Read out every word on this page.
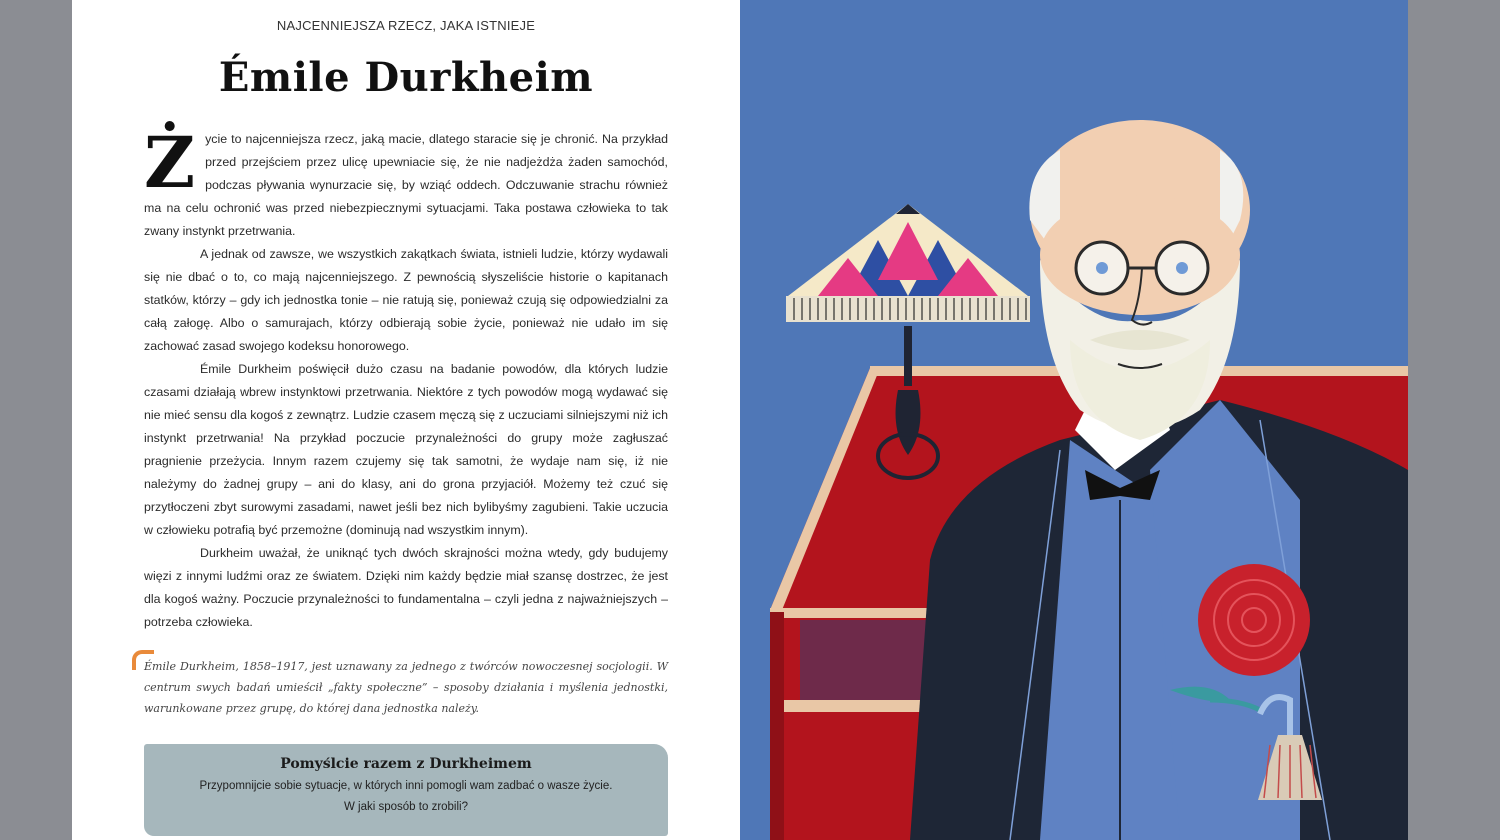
NAJCENNIEJSZA RZECZ, JAKA ISTNIEJE
Émile Durkheim

Życie to najcenniejsza rzecz, jaką macie, dlatego staracie się je chronić. Na przykład przed przejściem przez ulicę upewniacie się, że nie nadjeżdża żaden samochód, podczas pływania wynurzacie się, by wziąć oddech. Odczuwanie strachu również ma na celu ochronić was przed niebezpiecznymi sytuacjami. Taka postawa człowieka to tak zwany instynkt przetrwania.

A jednak od zawsze, we wszystkich zakątkach świata, istnieli ludzie, którzy wydawali się nie dbać o to, co mają najcenniejszego. Z pewnością słyszeliście historie o kapitanach statków, którzy – gdy ich jednostka tonie – nie ratują się, ponieważ czują się odpowiedzialni za całą załogę. Albo o samurajach, którzy odbierają sobie życie, ponieważ nie udało im się zachować zasad swojego kodeksu honorowego.

Émile Durkheim poświęcił dużo czasu na badanie powodów, dla których ludzie czasami działają wbrew instynktowi przetrwania. Niektóre z tych powodów mogą wydawać się nie mieć sensu dla kogoś z zewnątrz. Ludzie czasem męczą się z uczuciami silniejszymi niż ich instynkt przetrwania! Na przykład poczucie przynależności do grupy może zagłuszać pragnienie przeżycia. Innym razem czujemy się tak samotni, że wydaje nam się, iż nie należymy do żadnej grupy – ani do klasy, ani do grona przyjaciół. Możemy też czuć się przytłoczeni zbyt surowymi zasadami, nawet jeśli bez nich bylibyśmy zagubieni. Takie uczucia w człowieku potrafią być przemożne (dominują nad wszystkim innym).

Durkheim uważał, że uniknąć tych dwóch skrajności można wtedy, gdy budujemy więzi z innymi ludźmi oraz ze światem. Dzięki nim każdy będzie miał szansę dostrzec, że jest dla kogoś ważny. Poczucie przynależności to fundamentalna – czyli jedna z najważniejszych – potrzeba człowieka.

Émile Durkheim, 1858–1917, jest uznawany za jednego z twórców nowoczesnej socjologii. W centrum swych badań umieścił „fakty społeczne” – sposoby działania i myślenia jednostki, warunkowane przez grupę, do której dana jednostka należy.
Pomyślcie razem z Durkheimem
Przypomnijcie sobie sytuacje, w których inni pomogli wam zadbać o wasze życie.
W jaki sposób to zrobili?
